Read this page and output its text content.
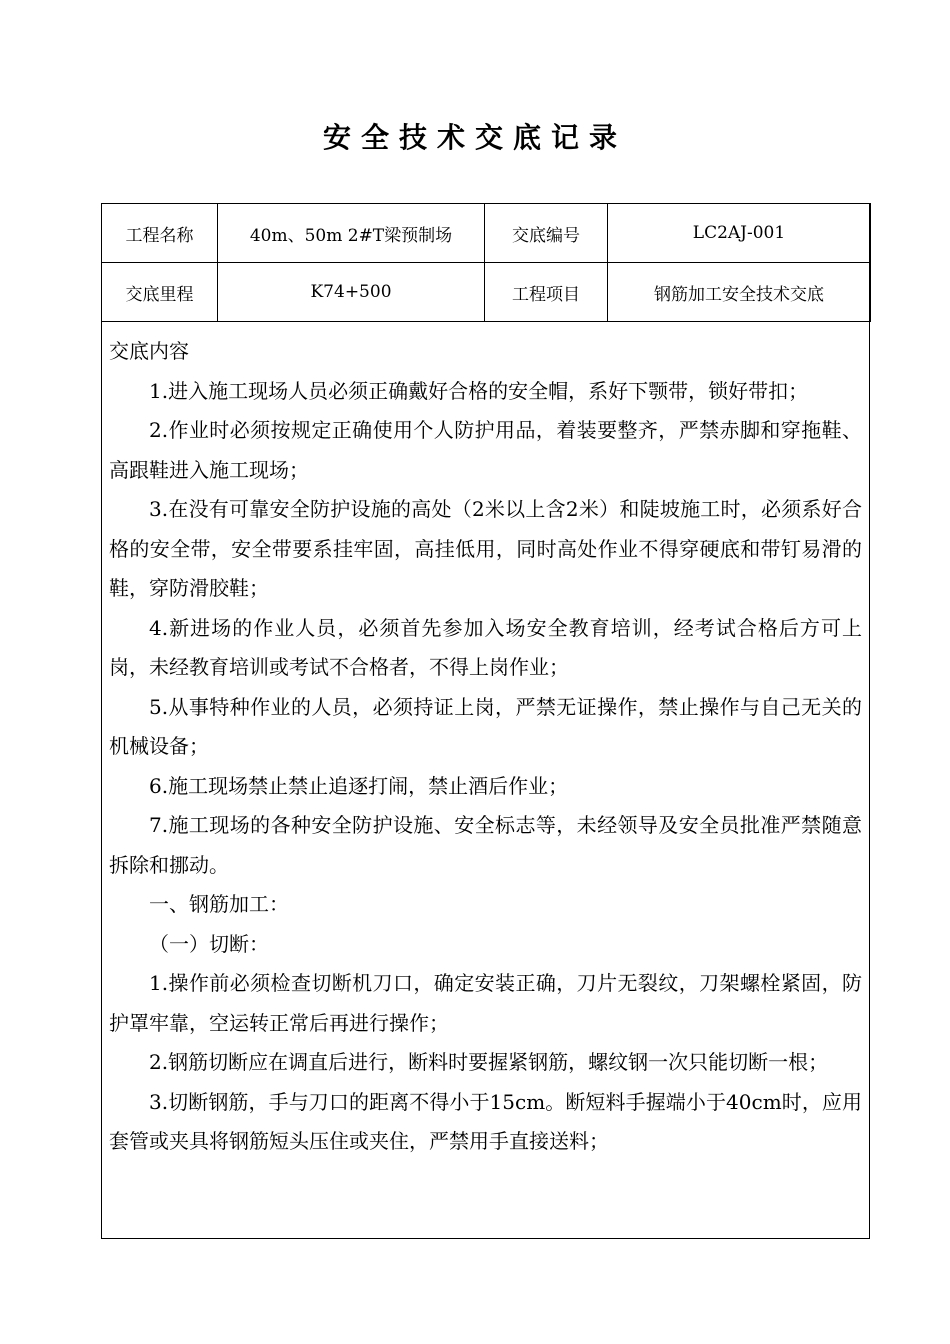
安全技术交底记录
工程名称	40m、50m 2#T梁预制场	交底编号	LC2AJ-001
交底里程	K74+500	工程项目	钢筋加工安全技术交底

交底内容

1.进入施工现场人员必须正确戴好合格的安全帽，系好下颚带，锁好带扣；

2.作业时必须按规定正确使用个人防护用品，着装要整齐，严禁赤脚和穿拖鞋、高跟鞋进入施工现场；

3.在没有可靠安全防护设施的高处（2米以上含2米）和陡坡施工时，必须系好合格的安全带，安全带要系挂牢固，高挂低用，同时高处作业不得穿硬底和带钉易滑的鞋，穿防滑胶鞋；

4.新进场的作业人员，必须首先参加入场安全教育培训，经考试合格后方可上岗，未经教育培训或考试不合格者，不得上岗作业；

5.从事特种作业的人员，必须持证上岗，严禁无证操作，禁止操作与自己无关的机械设备；

6.施工现场禁止禁止追逐打闹，禁止酒后作业；

7.施工现场的各种安全防护设施、安全标志等，未经领导及安全员批准严禁随意拆除和挪动。

一、钢筋加工：

（一）切断：

1.操作前必须检查切断机刀口，确定安装正确，刀片无裂纹，刀架螺栓紧固，防护罩牢靠，空运转正常后再进行操作；

2.钢筋切断应在调直后进行，断料时要握紧钢筋，螺纹钢一次只能切断一根；

3.切断钢筋，手与刀口的距离不得小于15cm。断短料手握端小于40cm时，应用套管或夹具将钢筋短头压住或夹住，严禁用手直接送料；
